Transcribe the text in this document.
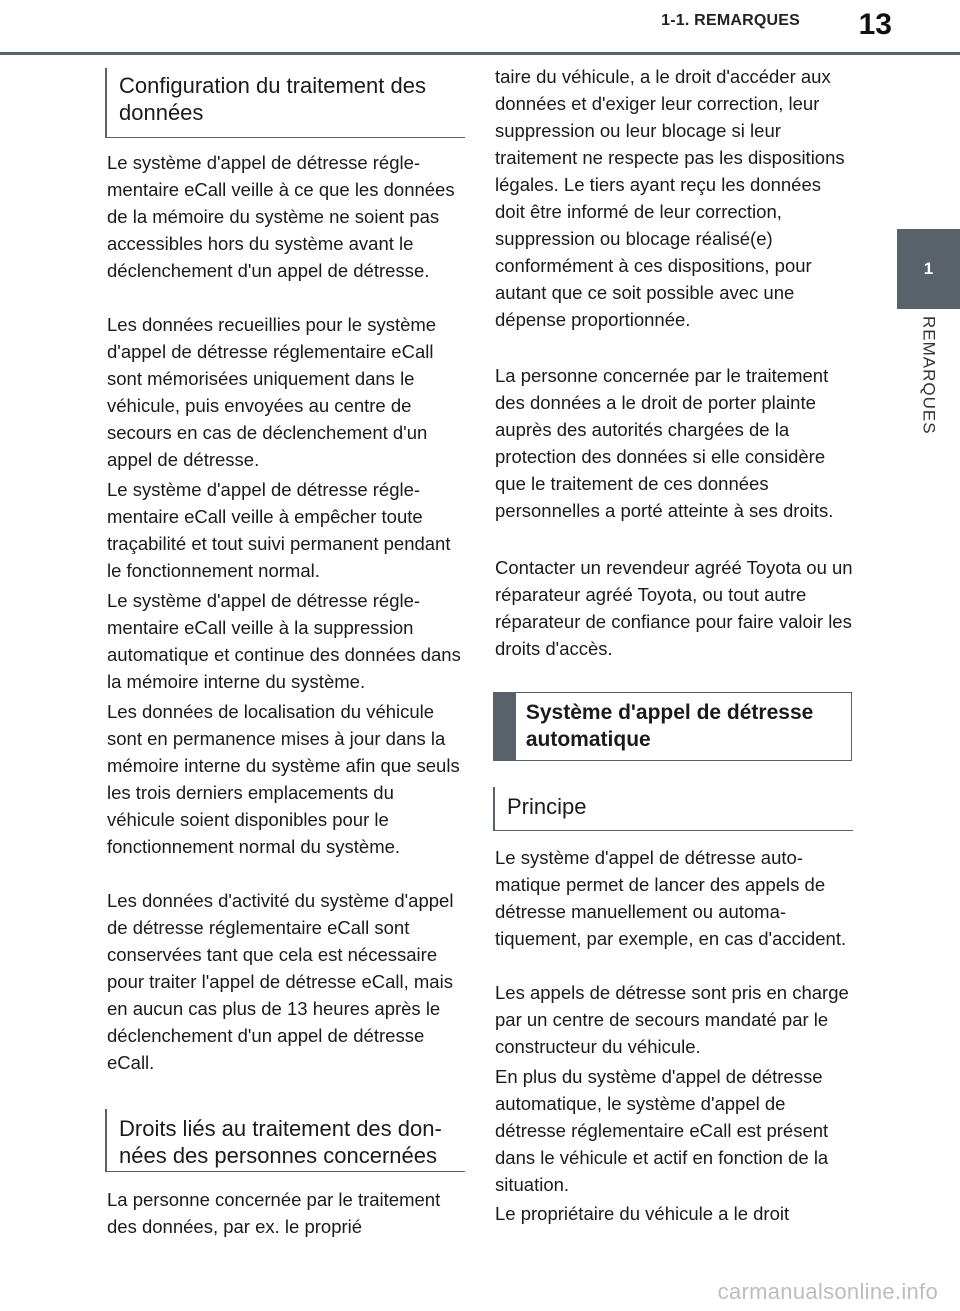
1-1. REMARQUES	13
1
REMARQUES
Configuration du traitement des données
Le système d'appel de détresse réglementaire eCall veille à ce que les données de la mémoire du système ne soient pas accessibles hors du système avant le déclenchement d'un appel de détresse.
Les données recueillies pour le système d'appel de détresse réglementaire eCall sont mémorisées uniquement dans le véhicule, puis envoyées au centre de secours en cas de déclenchement d'un appel de détresse.
Le système d'appel de détresse réglementaire eCall veille à empêcher toute traçabilité et tout suivi permanent pendant le fonctionnement normal.
Le système d'appel de détresse réglementaire eCall veille à la suppression automatique et continue des données dans la mémoire interne du système.
Les données de localisation du véhicule sont en permanence mises à jour dans la mémoire interne du système afin que seuls les trois derniers emplacements du véhicule soient disponibles pour le fonctionnement normal du système.
Les données d'activité du système d'appel de détresse réglementaire eCall sont conservées tant que cela est nécessaire pour traiter l'appel de détresse eCall, mais en aucun cas plus de 13 heures après le déclenchement d'un appel de détresse eCall.
Droits liés au traitement des données des personnes concernées
La personne concernée par le traitement des données, par ex. le proprié
taire du véhicule, a le droit d'accéder aux données et d'exiger leur correction, leur suppression ou leur blocage si leur traitement ne respecte pas les dispositions légales. Le tiers ayant reçu les données doit être informé de leur correction, suppression ou blocage réalisé(e) conformément à ces dispositions, pour autant que ce soit possible avec une dépense proportionnée.
La personne concernée par le traitement des données a le droit de porter plainte auprès des autorités chargées de la protection des données si elle considère que le traitement de ces données personnelles a porté atteinte à ses droits.
Contacter un revendeur agréé Toyota ou un réparateur agréé Toyota, ou tout autre réparateur de confiance pour faire valoir les droits d'accès.
Système d'appel de détresse automatique
Principe
Le système d'appel de détresse automatique permet de lancer des appels de détresse manuellement ou automatiquement, par exemple, en cas d'accident.
Les appels de détresse sont pris en charge par un centre de secours mandaté par le constructeur du véhicule.
En plus du système d'appel de détresse automatique, le système d'appel de détresse réglementaire eCall est présent dans le véhicule et actif en fonction de la situation.
Le propriétaire du véhicule a le droit
carmanualsonline.info
